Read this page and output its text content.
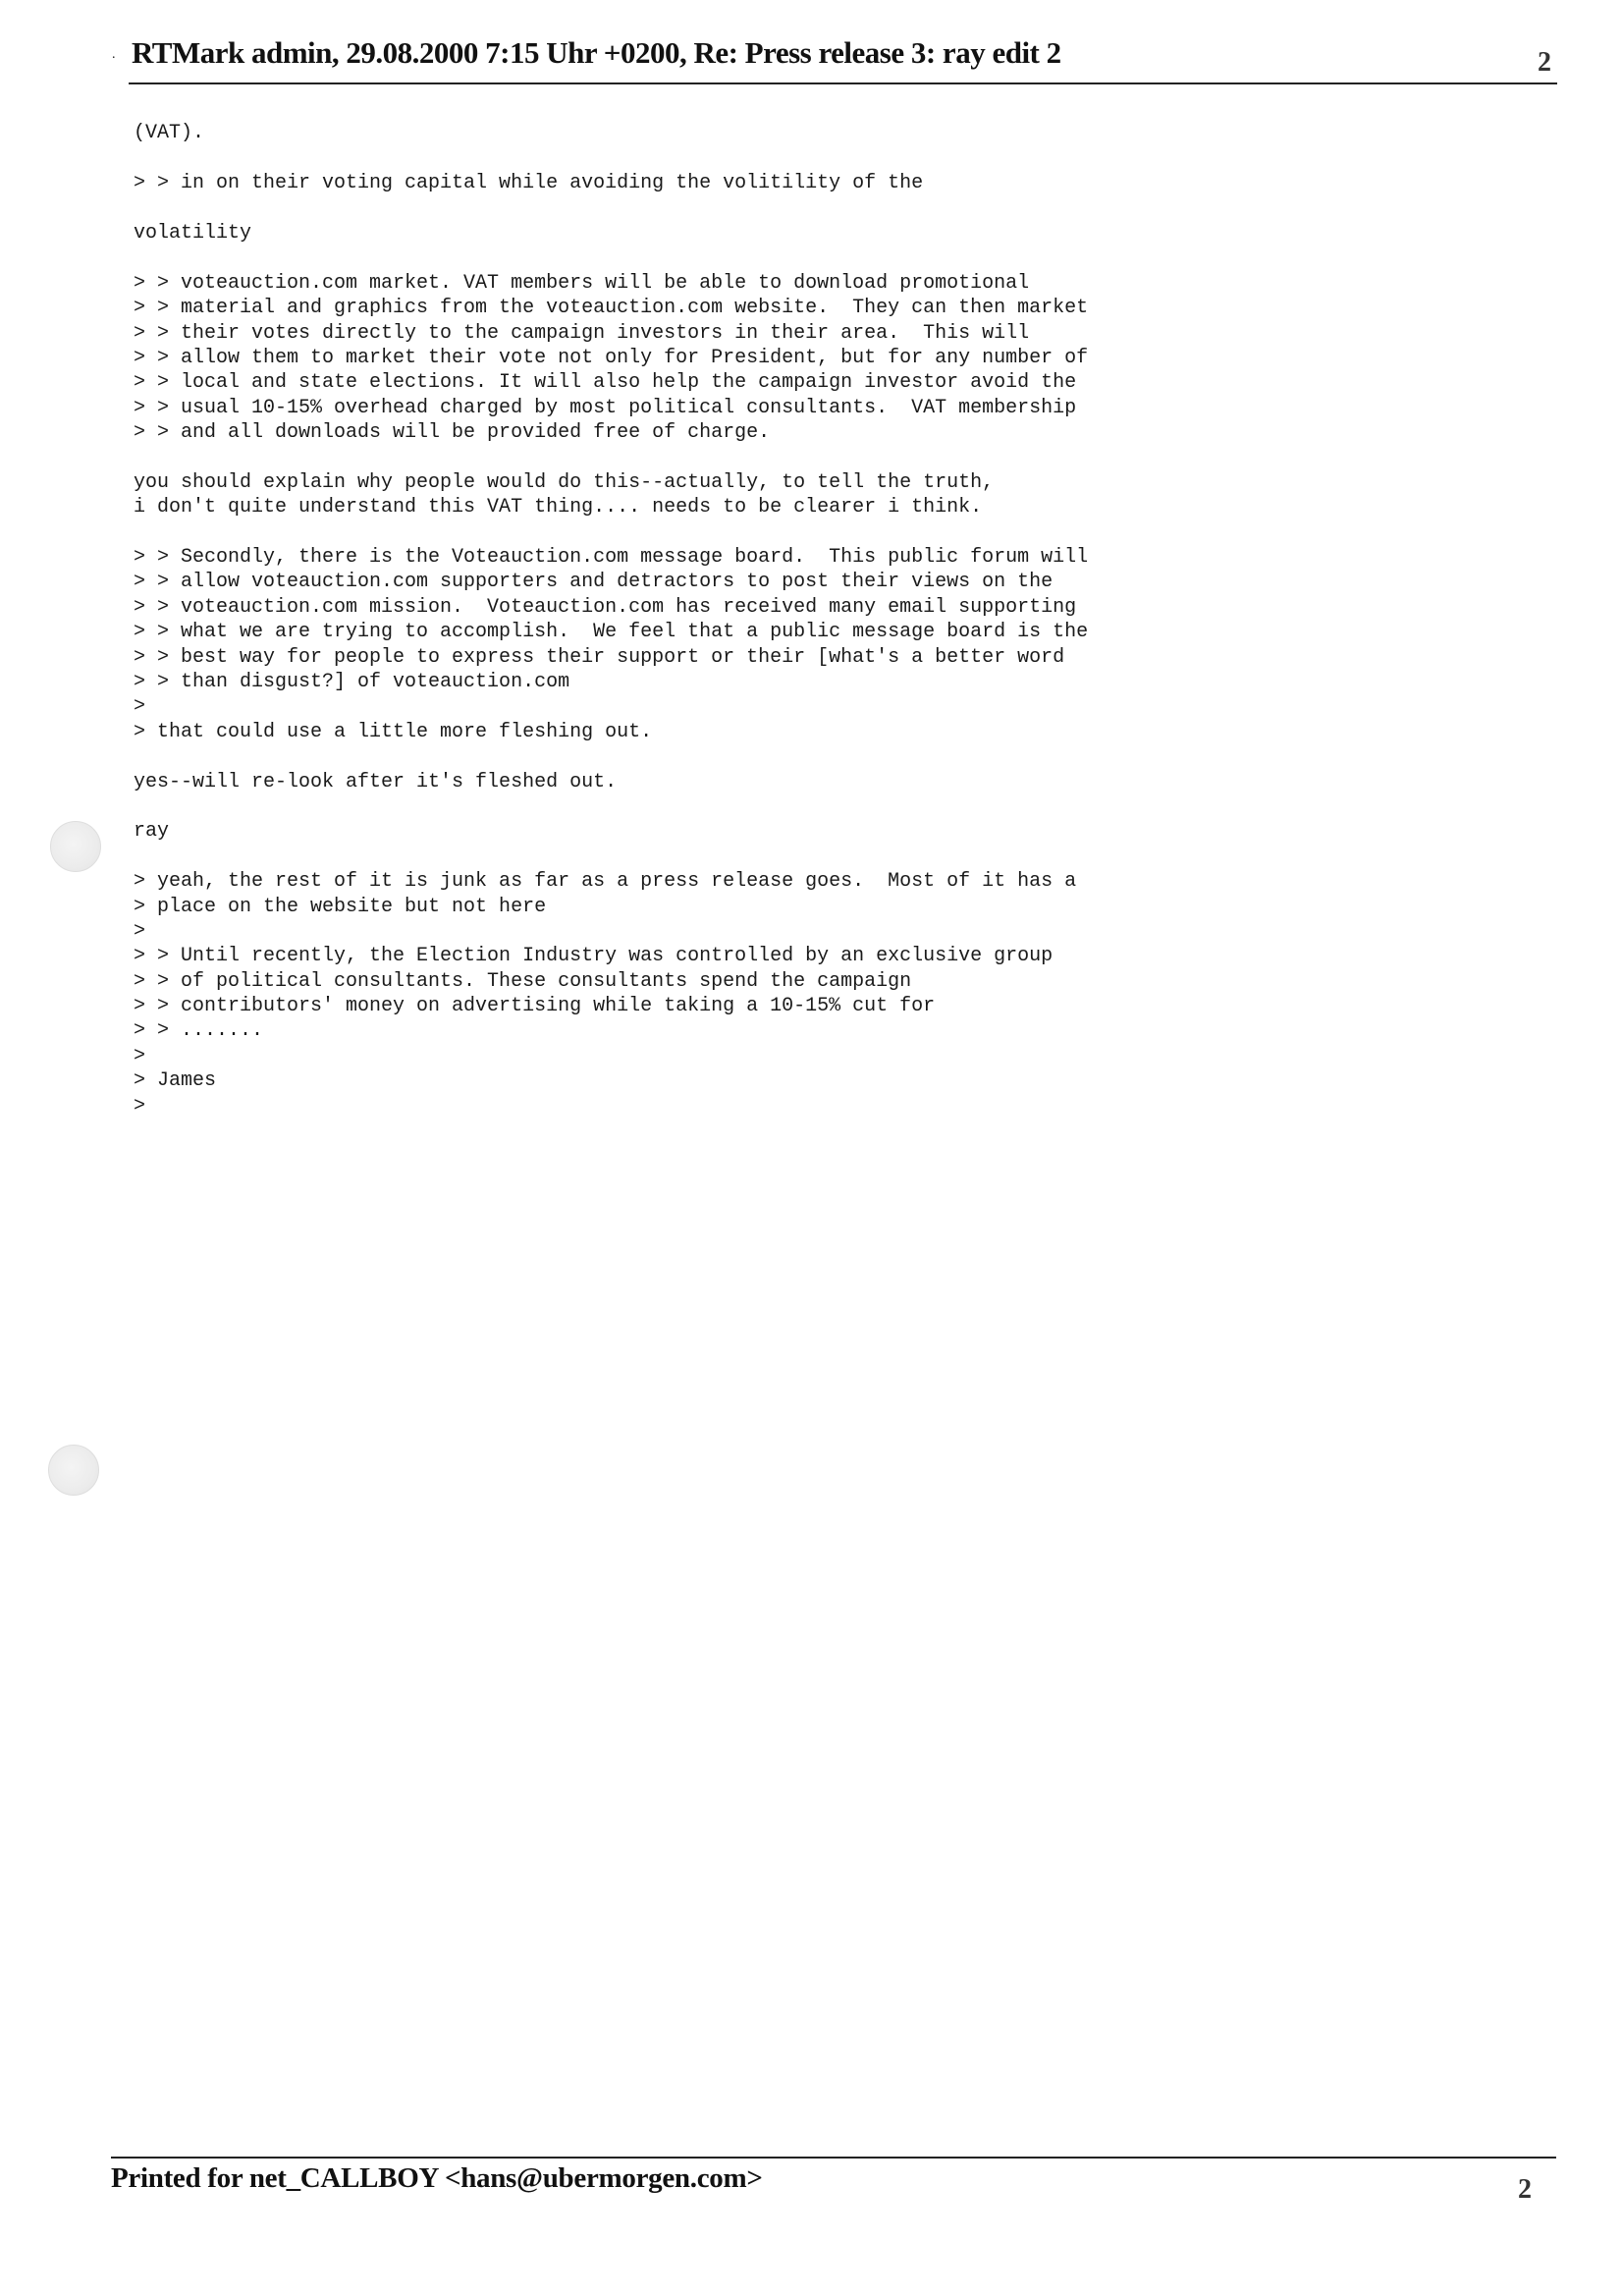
. RTMark admin, 29.08.2000 7:15 Uhr +0200, Re: Press release 3: ray edit 2	2
(VAT).
> > in on their voting capital while avoiding the volitility of the
volatility
> > voteauction.com market. VAT members will be able to download promotional
> > material and graphics from the voteauction.com website.  They can then market
> > their votes directly to the campaign investors in their area.  This will
> > allow them to market their vote not only for President, but for any number of
> > local and state elections. It will also help the campaign investor avoid the
> > usual 10-15% overhead charged by most political consultants.  VAT membership
> > and all downloads will be provided free of charge.
you should explain why people would do this--actually, to tell the truth,
i don't quite understand this VAT thing.... needs to be clearer i think.
> > Secondly, there is the Voteauction.com message board.  This public forum will
> > allow voteauction.com supporters and detractors to post their views on the
> > voteauction.com mission.  Voteauction.com has received many email supporting
> > what we are trying to accomplish.  We feel that a public message board is the
> > best way for people to express their support or their [what's a better word
> > than disgust?] of voteauction.com
>
> that could use a little more fleshing out.
yes--will re-look after it's fleshed out.
ray
> yeah, the rest of it is junk as far as a press release goes.  Most of it has a
> place on the website but not here
>
> > Until recently, the Election Industry was controlled by an exclusive group
> > of political consultants. These consultants spend the campaign
> > contributors' money on advertising while taking a 10-15% cut for
> > .......
>
> James
>
Printed for net_CALLBOY <hans@ubermorgen.com>	2
